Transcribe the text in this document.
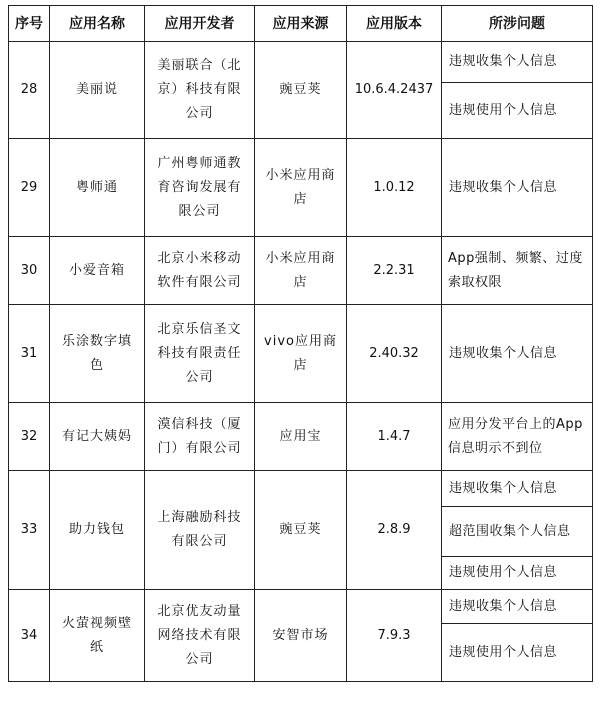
序号	应用名称	应用开发者	应用来源	应用版本	所涉问题
28	美丽说	美丽联合（北京）科技有限公司	豌豆荚	10.6.4.2437	违规收集个人信息
					违规使用个人信息
29	粤师通	广州粤师通教育咨询发展有限公司	小米应用商店	1.0.12	违规收集个人信息
30	小爱音箱	北京小米移动软件有限公司	小米应用商店	2.2.31	App强制、频繁、过度索取权限
31	乐涂数字填色	北京乐信圣文科技有限责任公司	vivo应用商店	2.40.32	违规收集个人信息
32	有记大姨妈	漠信科技（厦门）有限公司	应用宝	1.4.7	应用分发平台上的App信息明示不到位
33	助力钱包	上海融励科技有限公司	豌豆荚	2.8.9	违规收集个人信息
					超范围收集个人信息
					违规使用个人信息
34	火萤视频壁纸	北京优友动量网络技术有限公司	安智市场	7.9.3	违规收集个人信息
					违规使用个人信息
